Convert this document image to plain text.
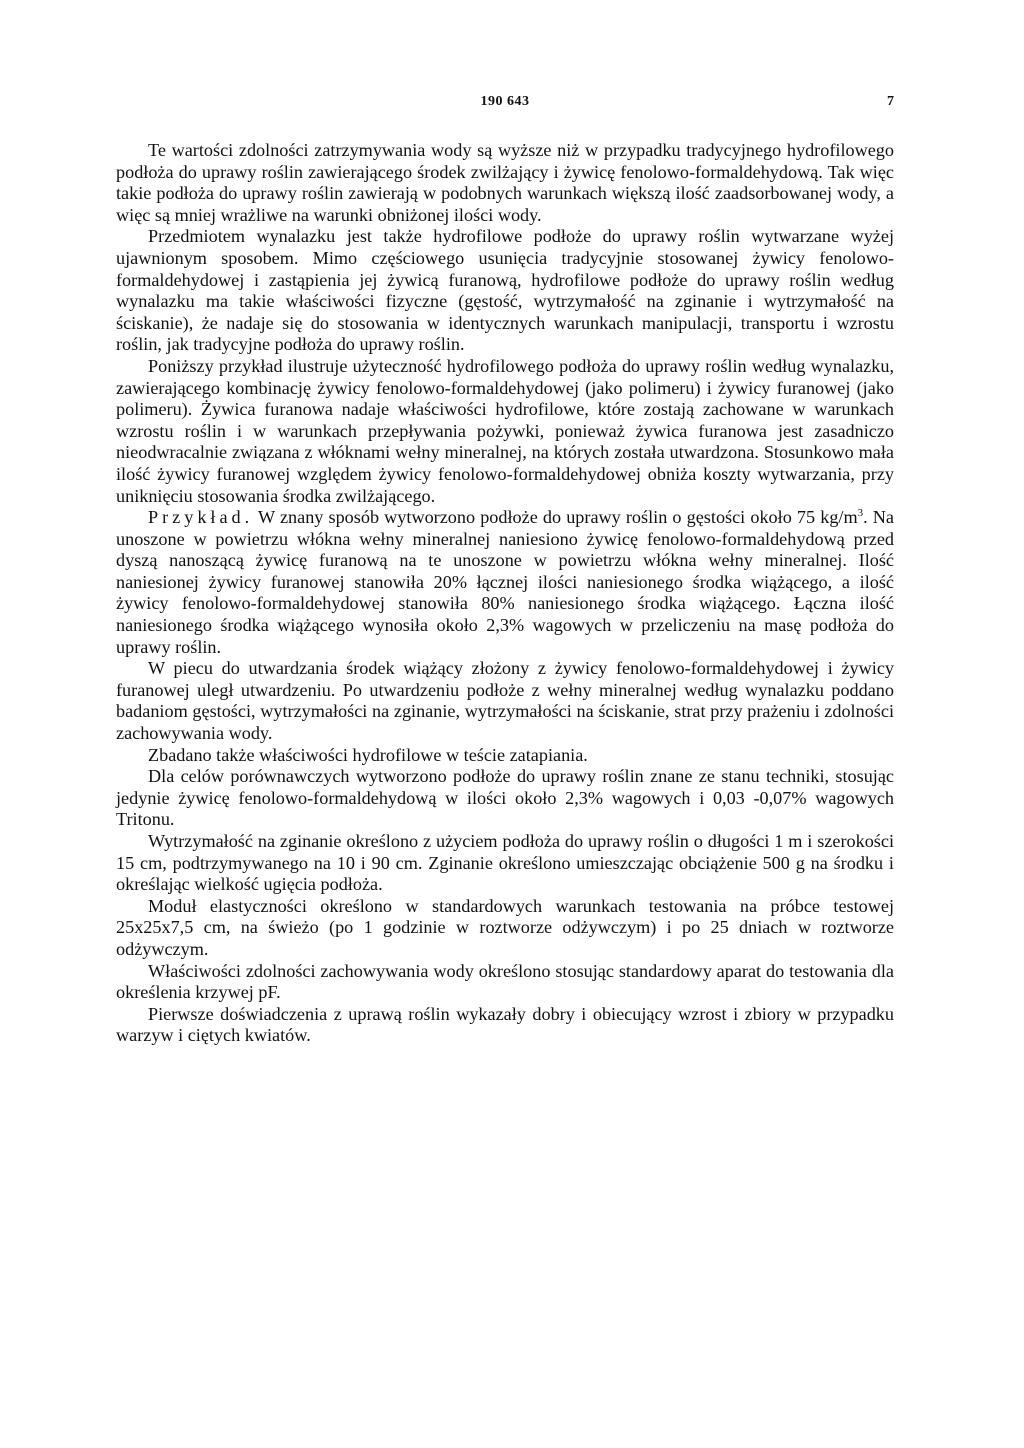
190 643	7

Te wartości zdolności zatrzymywania wody są wyższe niż w przypadku tradycyjnego hydrofilowego podłoża do uprawy roślin zawierającego środek zwilżający i żywicę fenolowo-formaldehydową. Tak więc takie podłoża do uprawy roślin zawierają w podobnych warunkach większą ilość zaadsorbowanej wody, a więc są mniej wrażliwe na warunki obniżonej ilości wody.

Przedmiotem wynalazku jest także hydrofilowe podłoże do uprawy roślin wytwarzane wyżej ujawnionym sposobem. Mimo częściowego usunięcia tradycyjnie stosowanej żywicy fenolowo-formaldehydowej i zastąpienia jej żywicą furanową, hydrofilowe podłoże do uprawy roślin według wynalazku ma takie właściwości fizyczne (gęstość, wytrzymałość na zginanie i wytrzymałość na ściskanie), że nadaje się do stosowania w identycznych warunkach manipulacji, transportu i wzrostu roślin, jak tradycyjne podłoża do uprawy roślin.

Poniższy przykład ilustruje użyteczność hydrofilowego podłoża do uprawy roślin według wynalazku, zawierającego kombinację żywicy fenolowo-formaldehydowej (jako polimeru) i żywicy furanowej (jako polimeru). Żywica furanowa nadaje właściwości hydrofilowe, które zostają zachowane w warunkach wzrostu roślin i w warunkach przepływania pożywki, ponieważ żywica furanowa jest zasadniczo nieodwracalnie związana z włóknami wełny mineralnej, na których została utwardzona. Stosunkowo mała ilość żywicy furanowej względem żywicy fenolowo-formaldehydowej obniża koszty wytwarzania, przy uniknięciu stosowania środka zwilżającego.

Przykład. W znany sposób wytworzono podłoże do uprawy roślin o gęstości około 75 $kg/m^3$. Na unoszone w powietrzu włókna wełny mineralnej naniesiono żywicę fenolowo-formaldehydową przed dyszą nanoszącą żywicę furanową na te unoszone w powietrzu włókna wełny mineralnej. Ilość naniesionej żywicy furanowej stanowiła 20% łącznej ilości naniesionego środka wiążącego, a ilość żywicy fenolowo-formaldehydowej stanowiła 80% naniesionego środka wiążącego. Łączna ilość naniesionego środka wiążącego wynosiła około 2,3% wagowych w przeliczeniu na masę podłoża do uprawy roślin.

W piecu do utwardzania środek wiążący złożony z żywicy fenolowo-formaldehydowej i żywicy furanowej uległ utwardzeniu. Po utwardzeniu podłoże z wełny mineralnej według wynalazku poddano badaniom gęstości, wytrzymałości na zginanie, wytrzymałości na ściskanie, strat przy prażeniu i zdolności zachowywania wody.

Zbadano także właściwości hydrofilowe w teście zatapiania.

Dla celów porównawczych wytworzono podłoże do uprawy roślin znane ze stanu techniki, stosując jedynie żywicę fenolowo-formaldehydową w ilości około 2,3% wagowych i 0,03 -0,07% wagowych Tritonu.

Wytrzymałość na zginanie określono z użyciem podłoża do uprawy roślin o długości 1 m i szerokości 15 cm, podtrzymywanego na 10 i 90 cm. Zginanie określono umieszczając obciążenie 500 g na środku i określając wielkość ugięcia podłoża.

Moduł elastyczności określono w standardowych warunkach testowania na próbce testowej 25x25x7,5 cm, na świeżo (po 1 godzinie w roztworze odżywczym) i po 25 dniach w roztworze odżywczym.

Właściwości zdolności zachowywania wody określono stosując standardowy aparat do testowania dla określenia krzywej pF.

Pierwsze doświadczenia z uprawą roślin wykazały dobry i obiecujący wzrost i zbiory w przypadku warzyw i ciętych kwiatów.
